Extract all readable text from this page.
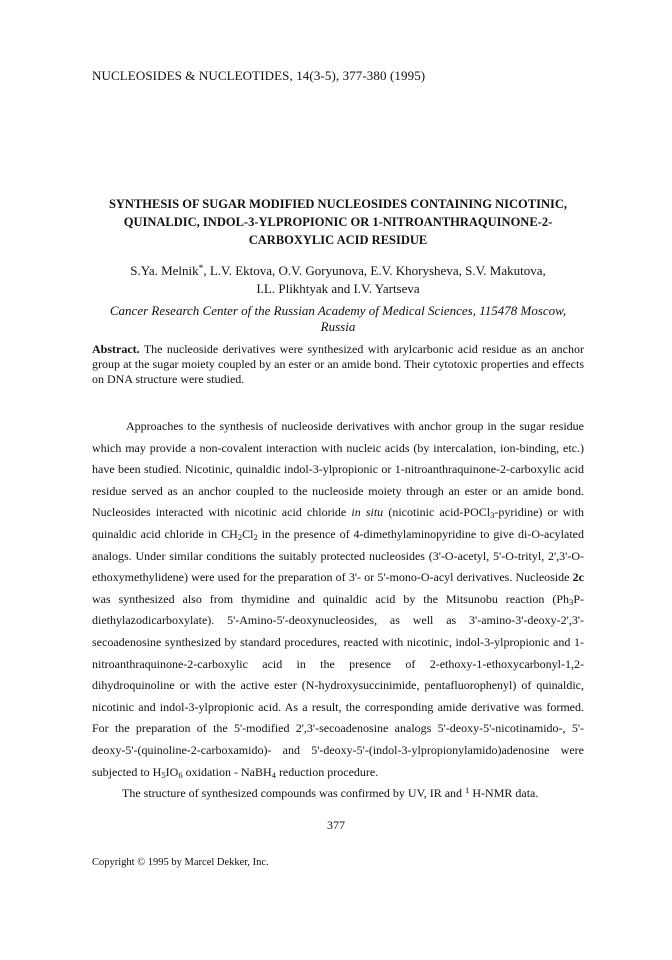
NUCLEOSIDES & NUCLEOTIDES, 14(3-5), 377-380 (1995)
SYNTHESIS OF SUGAR MODIFIED NUCLEOSIDES CONTAINING NICOTINIC,
QUINALDIC, INDOL-3-YLPROPIONIC OR 1-NITROANTHRAQUINONE-2-
CARBOXYLIC ACID RESIDUE
S.Ya. Melnik*, L.V. Ektova, O.V. Goryunova, E.V. Khorysheva, S.V. Makutova,
I.L. Plikhtyak and I.V. Yartseva
Cancer Research Center of the Russian Academy of Medical Sciences, 115478 Moscow, Russia
Abstract. The nucleoside derivatives were synthesized with arylcarbonic acid residue as an anchor group at the sugar moiety coupled by an ester or an amide bond. Their cytotoxic properties and effects on DNA structure were studied.

Approaches to the synthesis of nucleoside derivatives with anchor group in the sugar residue which may provide a non-covalent interaction with nucleic acids (by intercalation, ion-binding, etc.) have been studied. Nicotinic, quinaldic indol-3-ylpropionic or 1-nitroanthraquinone-2-carboxylic acid residue served as an anchor coupled to the nucleoside moiety through an ester or an amide bond. Nucleosides interacted with nicotinic acid chloride in situ (nicotinic acid-POCl$_3$-pyridine) or with quinaldic acid chloride in $CH_2Cl_2$ in the presence of 4-dimethylaminopyridine to give di-O-acylated analogs. Under similar conditions the suitably protected nucleosides (3'-O-acetyl, 5'-O-trityl, 2',3'-O-ethoxymethylidene) were used for the preparation of 3'- or 5'-mono-O-acyl derivatives. Nucleoside 2c was synthesized also from thymidine and quinaldic acid by the Mitsunobu reaction $(Ph_3P-diethylazodicarboxylate)$. 5'-Amino-5'-deoxynucleosides, as well as 3'-amino-3'-deoxy-2',3'-secoadenosine synthesized by standard procedures, reacted with nicotinic, indol-3-ylpropionic and 1-nitroanthraquinone-2-carboxylic acid in the presence of 2-ethoxy-1-ethoxycarbonyl-1,2-dihydroquinoline or with the active ester (N-hydroxysuccinimide, pentafluorophenyl) of quinaldic, nicotinic and indol-3-ylpropionic acid. As a result, the corresponding amide derivative was formed. For the preparation of the 5'-modified 2',3'-secoadenosine analogs 5'-deoxy-5'-nicotinamido-, 5'-deoxy-5'-(quinoline-2-carboxamido)- and 5'-deoxy-5'-(indol-3-ylpropionylamido)adenosine were subjected to $H_5IO_6$ oxidation - NaBH$_4$ reduction procedure.

The structure of synthesized compounds was confirmed by UV, IR and $^1$ H-NMR data.

377
Copyright © 1995 by Marcel Dekker, Inc.
